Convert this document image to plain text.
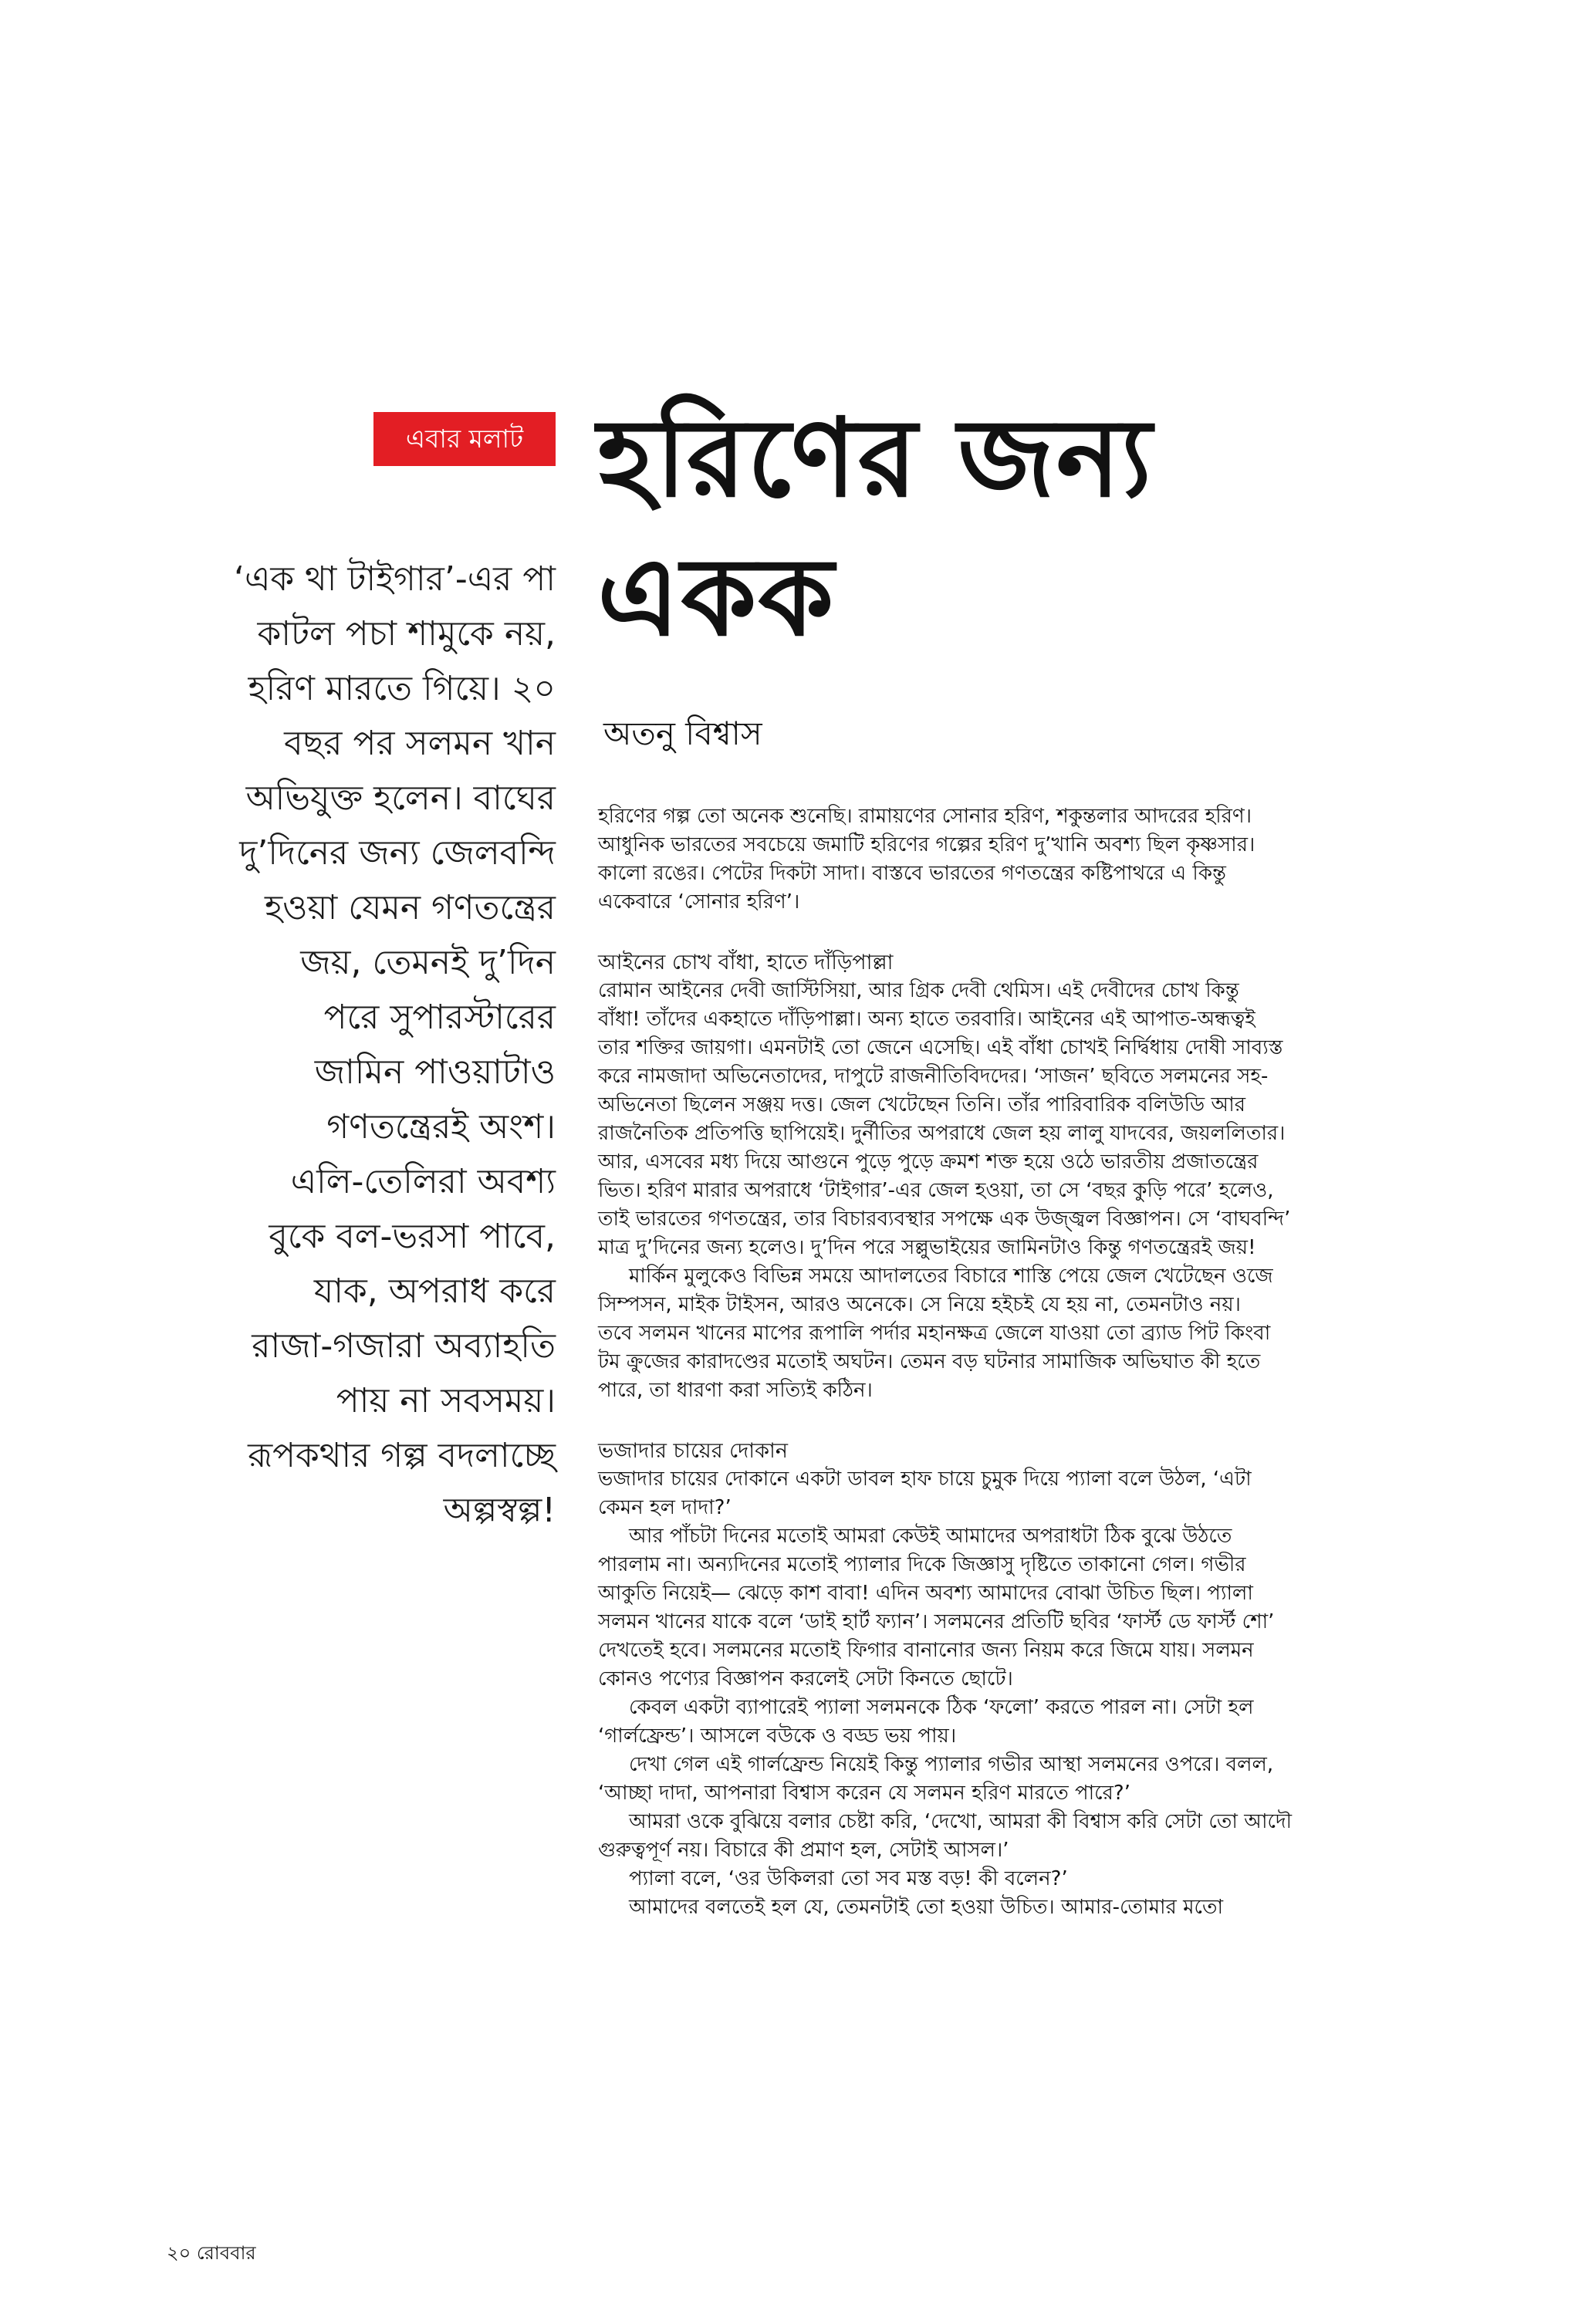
এবার মলাট হরিণের জন্য
একক
‘এক থা টাইগার’-এর পা
কাটল পচা শামুকে নয়,
হরিণ মারতে গিয়ে। ২০
বছর পর সলমন খান
অভিযুক্ত হলেন। বাঘের
দু’দিনের জন্য জেলবন্দি
হওয়া যেমন গণতন্ত্রের
জয়, তেমনই দু’দিন
পরে সুপারস্টারের
জামিন পাওয়াটাও
গণতন্ত্রেরই অংশ।
এলি-তেলিরা অবশ্য
বুকে বল-ভরসা পাবে,
যাক, অপরাধ করে
রাজা-গজারা অব্যাহতি
পায় না সবসময়।
রূপকথার গল্প বদলাচ্ছে
অল্পস্বল্প!
অতনু বিশ্বাস
হরিণের গল্প তো অনেক শুনেছি। রামায়ণের সোনার হরিণ, শকুন্তলার আদরের হরিণ।
আধুনিক ভারতের সবচেয়ে জমাটি হরিণের গল্পের হরিণ দু’খানি অবশ্য ছিল কৃষ্ণসার।
কালো রঙের। পেটের দিকটা সাদা। বাস্তবে ভারতের গণতন্ত্রের কষ্টিপাথরে এ কিন্তু
একেবারে ‘সোনার হরিণ’।
আইনের চোখ বাঁধা, হাতে দাঁড়িপাল্লা
রোমান আইনের দেবী জাস্টিসিয়া, আর গ্রিক দেবী থেমিস। এই দেবীদের চোখ কিন্তু
বাঁধা! তাঁদের একহাতে দাঁড়িপাল্লা। অন্য হাতে তরবারি। আইনের এই আপাত-অন্ধত্বই
তার শক্তির জায়গা। এমনটাই তো জেনে এসেছি। এই বাঁধা চোখই নির্দ্বিধায় দোষী সাব্যস্ত
করে নামজাদা অভিনেতাদের, দাপুটে রাজনীতিবিদদের। ‘সাজন’ ছবিতে সলমনের সহ-
অভিনেতা ছিলেন সঞ্জয় দত্ত। জেল খেটেছেন তিনি। তাঁর পারিবারিক বলিউডি আর
রাজনৈতিক প্রতিপত্তি ছাপিয়েই। দুর্নীতির অপরাধে জেল হয় লালু যাদবের, জয়ললিতার।
আর, এসবের মধ্য দিয়ে আগুনে পুড়ে পুড়ে ক্রমশ শক্ত হয়ে ওঠে ভারতীয় প্রজাতন্ত্রের
ভিত। হরিণ মারার অপরাধে ‘টাইগার’-এর জেল হওয়া, তা সে ‘বছর কুড়ি পরে’ হলেও,
তাই ভারতের গণতন্ত্রের, তার বিচারব্যবস্থার সপক্ষে এক উজ্জ্বল বিজ্ঞাপন। সে ‘বাঘবন্দি’
মাত্র দু’দিনের জন্য হলেও। দু’দিন পরে সল্লুভাইয়ের জামিনটাও কিন্তু গণতন্ত্রেরই জয়!
মার্কিন মুলুকেও বিভিন্ন সময়ে আদালতের বিচারে শাস্তি পেয়ে জেল খেটেছেন ওজে
সিম্পসন, মাইক টাইসন, আরও অনেকে। সে নিয়ে হইচই যে হয় না, তেমনটাও নয়।
তবে সলমন খানের মাপের রূপালি পর্দার মহানক্ষত্র জেলে যাওয়া তো ব্র্যাড পিট কিংবা
টম ক্রুজের কারাদণ্ডের মতোই অঘটন। তেমন বড় ঘটনার সামাজিক অভিঘাত কী হতে
পারে, তা ধারণা করা সত্যিই কঠিন।
ভজাদার চায়ের দোকান
ভজাদার চায়ের দোকানে একটা ডাবল হাফ চায়ে চুমুক দিয়ে প্যালা বলে উঠল, ‘এটা
কেমন হল দাদা?’
আর পাঁচটা দিনের মতোই আমরা কেউই আমাদের অপরাধটা ঠিক বুঝে উঠতে
পারলাম না। অন্যদিনের মতোই প্যালার দিকে জিজ্ঞাসু দৃষ্টিতে তাকানো গেল। গভীর
আকুতি নিয়েই— ঝেড়ে কাশ বাবা! এদিন অবশ্য আমাদের বোঝা উচিত ছিল। প্যালা
সলমন খানের যাকে বলে ‘ডাই হার্ট ফ্যান’। সলমনের প্রতিটি ছবির ‘ফার্স্ট ডে ফার্স্ট শো’
দেখতেই হবে। সলমনের মতোই ফিগার বানানোর জন্য নিয়ম করে জিমে যায়। সলমন
কোনও পণ্যের বিজ্ঞাপন করলেই সেটা কিনতে ছোটে।
কেবল একটা ব্যাপারেই প্যালা সলমনকে ঠিক ‘ফলো’ করতে পারল না। সেটা হল
‘গার্লফ্রেন্ড’। আসলে বউকে ও বড্ড ভয় পায়।
দেখা গেল এই গার্লফ্রেন্ড নিয়েই কিন্তু প্যালার গভীর আস্থা সলমনের ওপরে। বলল,
‘আচ্ছা দাদা, আপনারা বিশ্বাস করেন যে সলমন হরিণ মারতে পারে?’
আমরা ওকে বুঝিয়ে বলার চেষ্টা করি, ‘দেখো, আমরা কী বিশ্বাস করি সেটা তো আদৌ
গুরুত্বপূর্ণ নয়। বিচারে কী প্রমাণ হল, সেটাই আসল।’
প্যালা বলে, ‘ওর উকিলরা তো সব মস্ত বড়! কী বলেন?’
আমাদের বলতেই হল যে, তেমনটাই তো হওয়া উচিত। আমার-তোমার মতো
২০ রোববার
